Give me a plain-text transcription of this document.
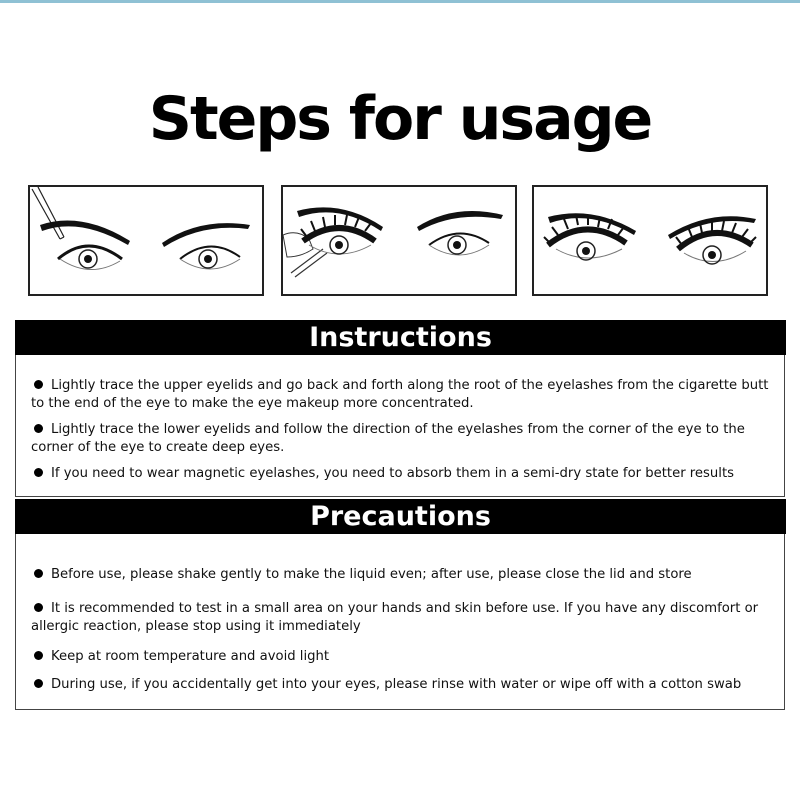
Steps for usage
Instructions
Lightly trace the upper eyelids and go back and forth along the root of the eyelashes from the cigarette butt to the end of the eye to make the eye makeup more concentrated.
Lightly trace the lower eyelids and follow the direction of the eyelashes from the corner of the eye to the corner of the eye to create deep eyes.
If you need to wear magnetic eyelashes, you need to absorb them in a semi-dry state for better results
Precautions
Before use, please shake gently to make the liquid even; after use, please close the lid and store
It is recommended to test in a small area on your hands and skin before use. If you have any discomfort or allergic reaction, please stop using it immediately
Keep at room temperature and avoid light
During use, if you accidentally get into your eyes, please rinse with water or wipe off with a cotton swab
